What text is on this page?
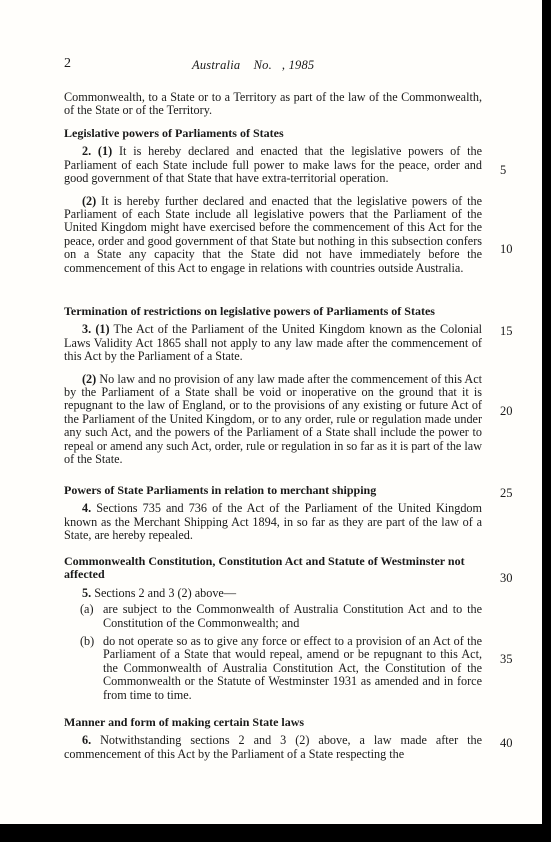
2	Australia    No.   , 1985

Commonwealth, to a State or to a Territory as part of the law of the Commonwealth, of the State or of the Territory.

Legislative powers of Parliaments of States

2. (1) It is hereby declared and enacted that the legislative powers of the Parliament of each State include full power to make laws for the peace, order and good government of that State that have extra-territorial operation.

(2) It is hereby further declared and enacted that the legislative powers of the Parliament of each State include all legislative powers that the Parliament of the United Kingdom might have exercised before the commencement of this Act for the peace, order and good government of that State but nothing in this subsection confers on a State any capacity that the State did not have immediately before the commencement of this Act to engage in relations with countries outside Australia.

Termination of restrictions on legislative powers of Parliaments of States

3. (1) The Act of the Parliament of the United Kingdom known as the Colonial Laws Validity Act 1865 shall not apply to any law made after the commencement of this Act by the Parliament of a State.

(2) No law and no provision of any law made after the commencement of this Act by the Parliament of a State shall be void or inoperative on the ground that it is repugnant to the law of England, or to the provisions of any existing or future Act of the Parliament of the United Kingdom, or to any order, rule or regulation made under any such Act, and the powers of the Parliament of a State shall include the power to repeal or amend any such Act, order, rule or regulation in so far as it is part of the law of the State.

Powers of State Parliaments in relation to merchant shipping

4. Sections 735 and 736 of the Act of the Parliament of the United Kingdom known as the Merchant Shipping Act 1894, in so far as they are part of the law of a State, are hereby repealed.

Commonwealth Constitution, Constitution Act and Statute of Westminster not affected

5. Sections 2 and 3 (2) above—

(a) are subject to the Commonwealth of Australia Constitution Act and to the Constitution of the Commonwealth; and
(b) do not operate so as to give any force or effect to a provision of an Act of the Parliament of a State that would repeal, amend or be repugnant to this Act, the Commonwealth of Australia Constitution Act, the Constitution of the Commonwealth or the Statute of Westminster 1931 as amended and in force from time to time.
Manner and form of making certain State laws

6. Notwithstanding sections 2 and 3 (2) above, a law made after the commencement of this Act by the Parliament of a State respecting the

5
10
15
20
25
30
35
40
